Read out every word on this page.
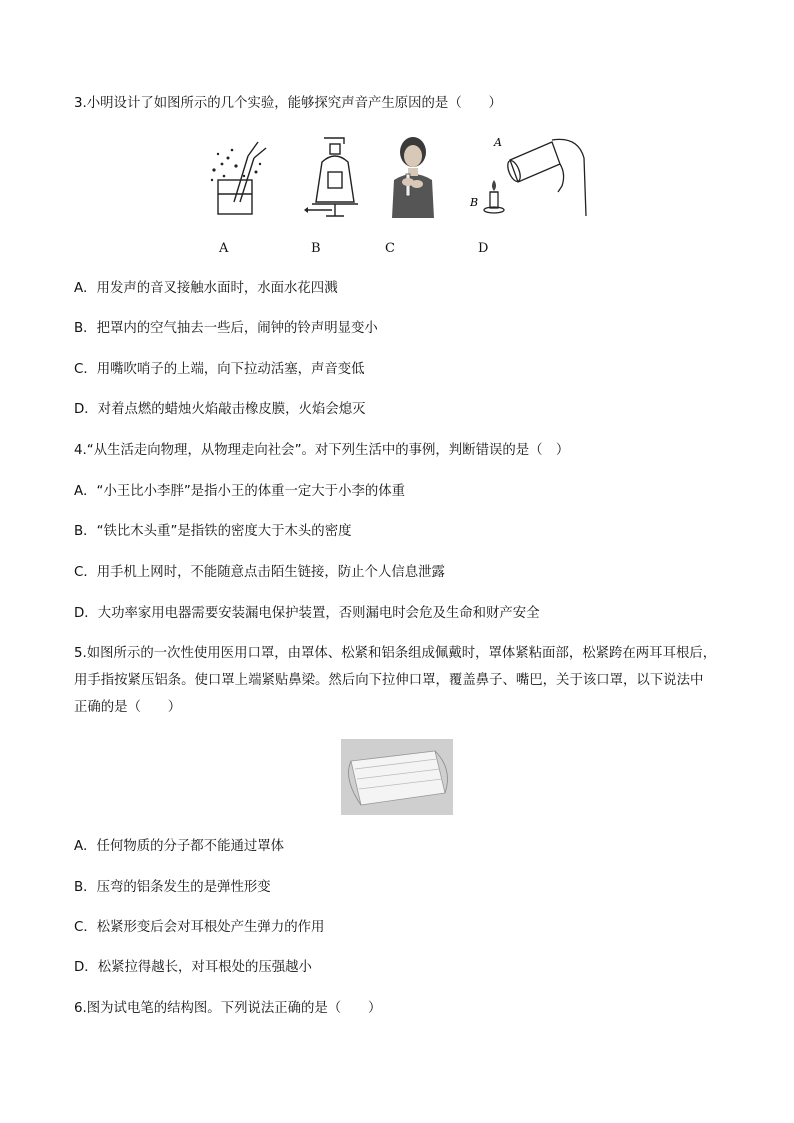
3.小明设计了如图所示的几个实验，能够探究声音产生原因的是（　　）
A
B
A	B	C	D
A．用发声的音叉接触水面时，水面水花四溅
B．把罩内的空气抽去一些后，闹钟的铃声明显变小
C．用嘴吹哨子的上端，向下拉动活塞，声音变低
D．对着点燃的蜡烛火焰敲击橡皮膜，火焰会熄灭
4.“从生活走向物理，从物理走向社会”。对下列生活中的事例，判断错误的是（　）
A．“小王比小李胖”是指小王的体重一定大于小李的体重
B．“铁比木头重”是指铁的密度大于木头的密度
C．用手机上网时，不能随意点击陌生链接，防止个人信息泄露
D．大功率家用电器需要安装漏电保护装置，否则漏电时会危及生命和财产安全
5.如图所示的一次性使用医用口罩，由罩体、松紧和铝条组成佩戴时，罩体紧粘面部，松紧跨在两耳耳根后，
用手指按紧压铝条。使口罩上端紧贴鼻梁。然后向下拉伸口罩，覆盖鼻子、嘴巴，关于该口罩，以下说法中
正确的是（　　）
A．任何物质的分子都不能通过罩体
B．压弯的铝条发生的是弹性形变
C．松紧形变后会对耳根处产生弹力的作用
D．松紧拉得越长，对耳根处的压强越小
6.图为试电笔的结构图。下列说法正确的是（　　）
